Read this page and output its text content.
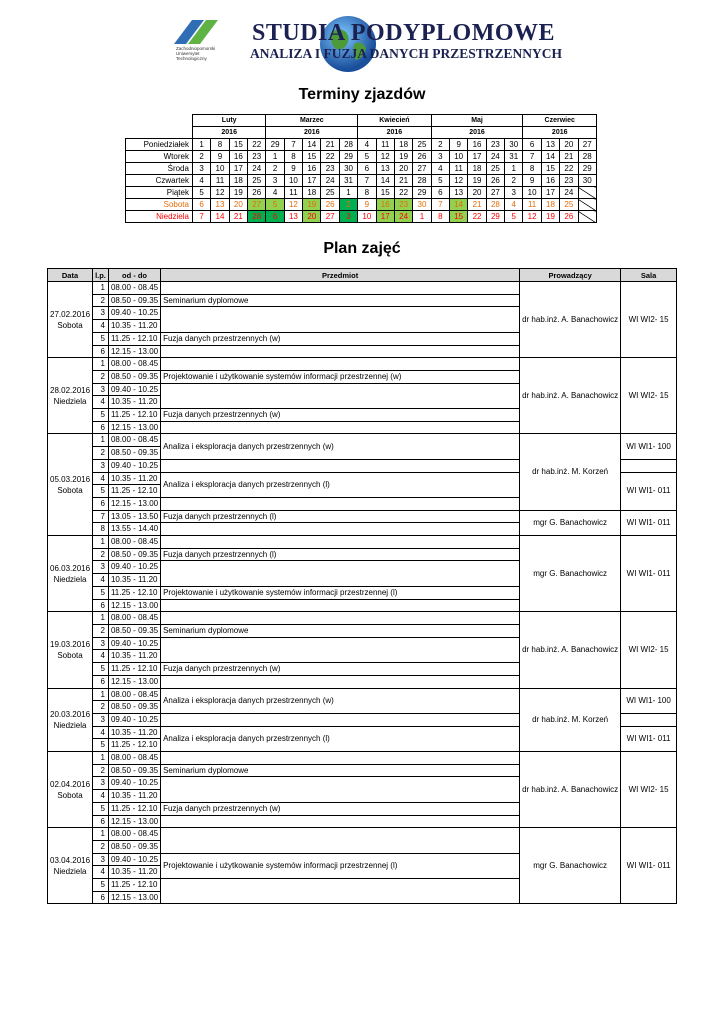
Zachodniopomorski
Uniwersytet
Technologiczny
STUDIA PODYPLOMOWE
ANALIZA I FUZJA DANYCH PRZESTRZENNYCH
Terminy zjazdów
	Luty				Marzec					Kwiecień				Maj					Czerwiec			
	2016				2016					2016				2016					2016			
Poniedziałek	1	8	15	22	29	7	14	21	28	4	11	18	25	2	9	16	23	30	6	13	20	27
Wtorek	2	9	16	23	1	8	15	22	29	5	12	19	26	3	10	17	24	31	7	14	21	28
Środa	3	10	17	24	2	9	16	23	30	6	13	20	27	4	11	18	25	1	8	15	22	29
Czwartek	4	11	18	25	3	10	17	24	31	7	14	21	28	5	12	19	26	2	9	16	23	30
Piątek	5	12	19	26	4	11	18	25	1	8	15	22	29	6	13	20	27	3	10	17	24	
Sobota	6	13	20	27	5	12	19	26	2	9	16	23	30	7	14	21	28	4	11	18	25	
Niedziela	7	14	21	28	6	13	20	27	3	10	17	24	1	8	15	22	29	5	12	19	26	
Plan zajęć
Data	l.p.	od - do	Przedmiot	Prowadzący	Sala

27.02.2016
Sobota	1	08.00 - 08.45		dr hab.inż. A. Banachowicz	WI WI2- 15
	2	08.50 - 09.35	Seminarium dyplomowe		
	3	09.40 - 10.25			
	4	10.35 - 11.20			
	5	11.25 - 12.10	Fuzja danych przestrzennych (w)		
	6	12.15 - 13.00			

28.02.2016
Niedziela	1	08.00 - 08.45		dr hab.inż. A. Banachowicz	WI WI2- 15
	2	08.50 - 09.35	Projektowanie i użytkowanie systemów informacji przestrzennej (w)		
	3	09.40 - 10.25			
	4	10.35 - 11.20			
	5	11.25 - 12.10	Fuzja danych przestrzennych (w)		
	6	12.15 - 13.00			

05.03.2016
Sobota	1	08.00 - 08.45	Analiza i eksploracja danych przestrzennych (w)	dr hab.inż. M. Korzeń	WI WI1- 100
	2	08.50 - 09.35			
	3	09.40 - 10.25			
	4	10.35 - 11.20	Analiza i eksploracja danych przestrzennych (l)		WI WI1- 011
	5	11.25 - 12.10			
	6	12.15 - 13.00			
	7	13.05 - 13.50	Fuzja danych przestrzennych (l)	mgr G. Banachowicz	WI WI1- 011
	8	13.55 - 14.40			

06.03.2016
Niedziela	1	08.00 - 08.45		mgr G. Banachowicz	WI WI1- 011
	2	08.50 - 09.35	Fuzja danych przestrzennych (l)		
	3	09.40 - 10.25			
	4	10.35 - 11.20			
	5	11.25 - 12.10	Projektowanie i użytkowanie systemów informacji przestrzennej (l)		
	6	12.15 - 13.00			

19.03.2016
Sobota	1	08.00 - 08.45		dr hab.inż. A. Banachowicz	WI WI2- 15
	2	08.50 - 09.35	Seminarium dyplomowe		
	3	09.40 - 10.25			
	4	10.35 - 11.20			
	5	11.25 - 12.10	Fuzja danych przestrzennych (w)		
	6	12.15 - 13.00			

20.03.2016
Niedziela	1	08.00 - 08.45	Analiza i eksploracja danych przestrzennych (w)	dr hab.inż. M. Korzeń	WI WI1- 100
	2	08.50 - 09.35			
	3	09.40 - 10.25			
	4	10.35 - 11.20	Analiza i eksploracja danych przestrzennych (l)		WI WI1- 011
	5	11.25 - 12.10			

02.04.2016
Sobota	1	08.00 - 08.45		dr hab.inż. A. Banachowicz	WI WI2- 15
	2	08.50 - 09.35	Seminarium dyplomowe		
	3	09.40 - 10.25			
	4	10.35 - 11.20			
	5	11.25 - 12.10	Fuzja danych przestrzennych (w)		
	6	12.15 - 13.00			

03.04.2016
Niedziela	1	08.00 - 08.45		mgr G. Banachowicz	WI WI1- 011
	2	08.50 - 09.35			
	3	09.40 - 10.25	Projektowanie i użytkowanie systemów informacji przestrzennej (l)		
	4	10.35 - 11.20			
	5	11.25 - 12.10			
	6	12.15 - 13.00			
